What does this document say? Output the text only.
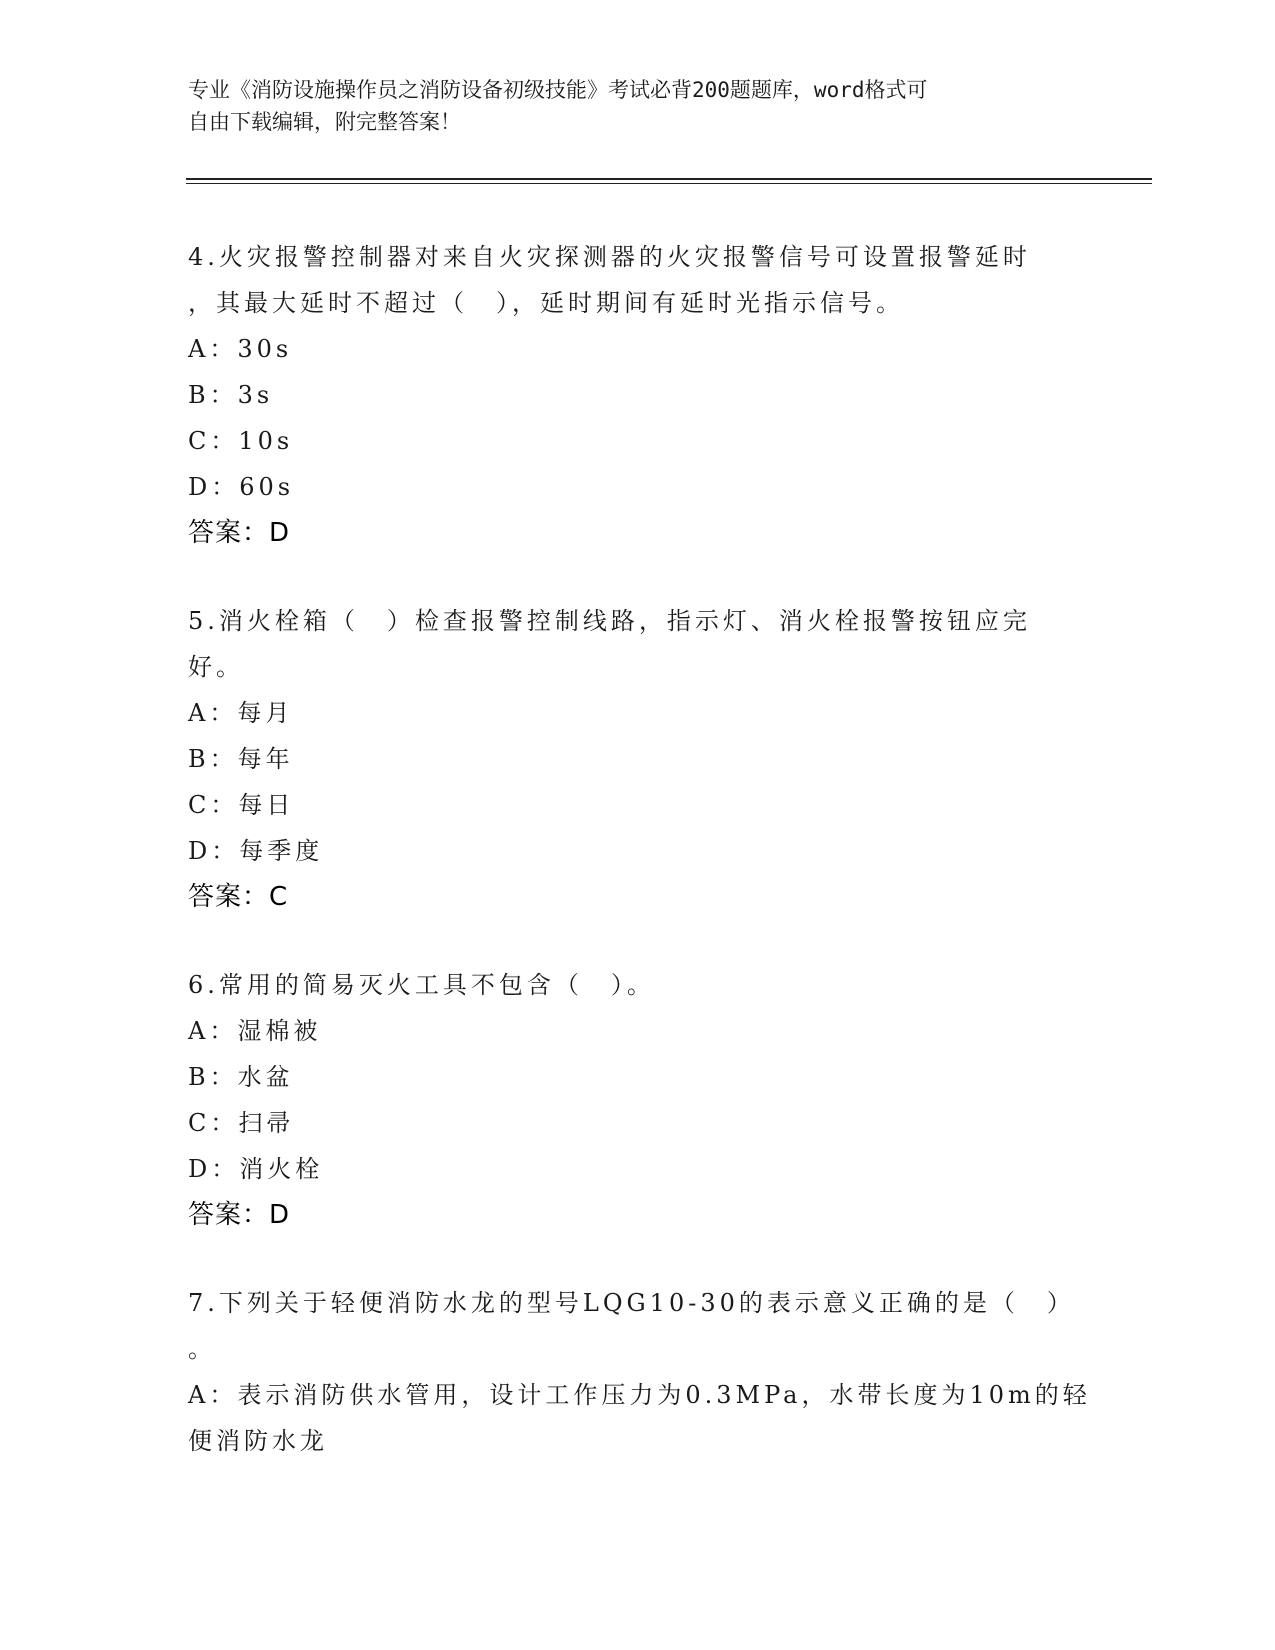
专业《消防设施操作员之消防设备初级技能》考试必背200题题库，word格式可
自由下载编辑，附完整答案！
4.火灾报警控制器对来自火灾探测器的火灾报警信号可设置报警延时
，其最大延时不超过（　），延时期间有延时光指示信号。
A：30s
B：3s
C：10s
D：60s
答案：D
5.消火栓箱（　）检查报警控制线路，指示灯、消火栓报警按钮应完
好。
A：每月
B：每年
C：每日
D：每季度
答案：C
6.常用的简易灭火工具不包含（　）。
A：湿棉被
B：水盆
C：扫帚
D：消火栓
答案：D
7.下列关于轻便消防水龙的型号LQG10-30的表示意义正确的是（　）
。
A：表示消防供水管用，设计工作压力为0.3MPa，水带长度为10m的轻
便消防水龙
